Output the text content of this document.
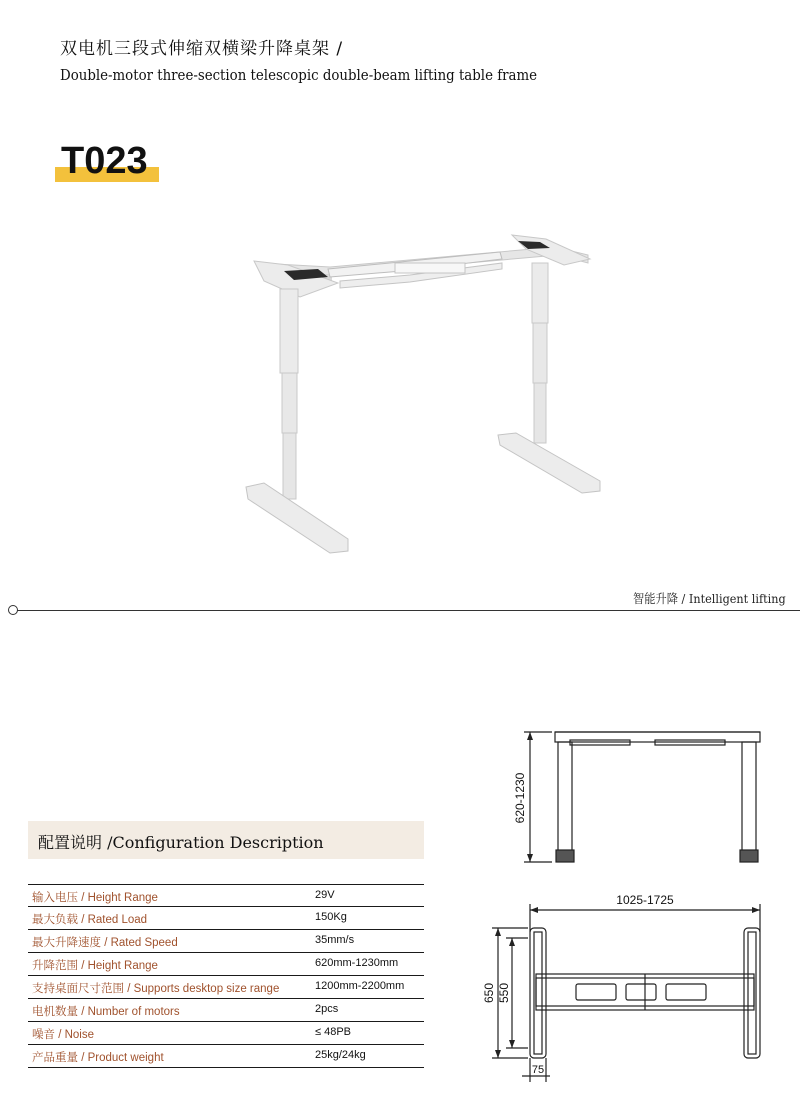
双电机三段式伸缩双横梁升降桌架 /
Double-motor three-section telescopic double-beam lifting table frame
T023
智能升降 / Intelligent lifting
配置说明 /Configuration Description
输入电压 / Height Range	29V
最大负载 / Rated Load	150Kg
最大升降速度 / Rated Speed	35mm/s
升降范围 / Height Range	620mm-1230mm
支持桌面尺寸范围 / Supports desktop size range	1200mm-2200mm
电机数量 / Number of motors	2pcs
噪音 / Noise	≤ 48PB
产品重量 / Product weight	25kg/24kg
620-1230
1025-1725
650 550
75
